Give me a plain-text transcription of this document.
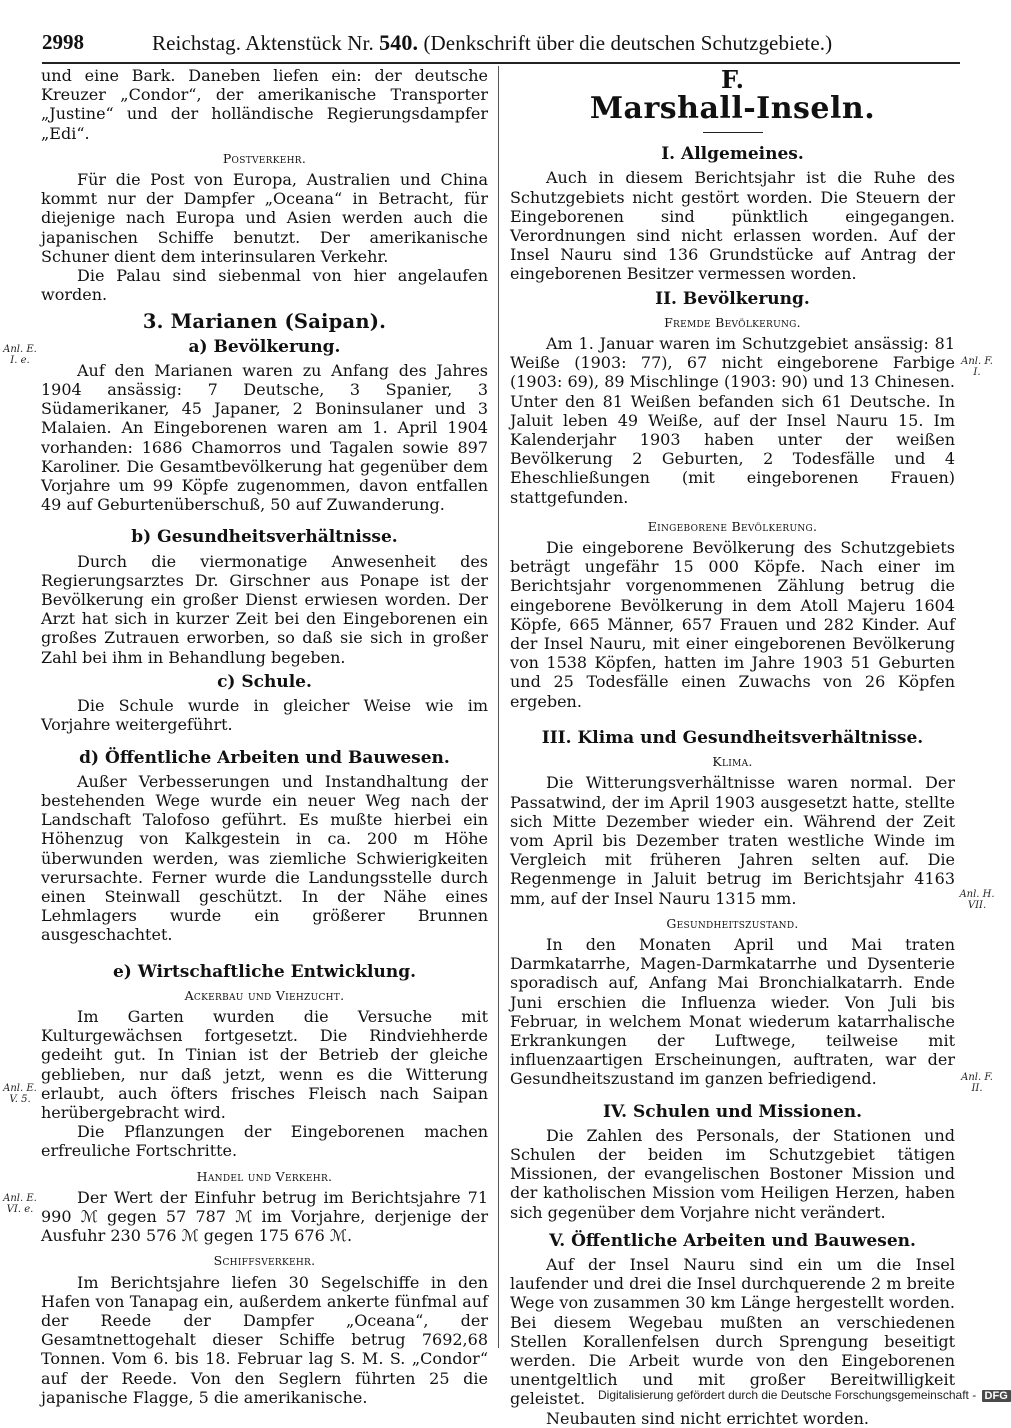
2998	Reichstag. Aktenstück Nr. 540. (Denkschrift über die deutschen Schutzgebiete.)

und eine Bark. Daneben liefen ein: der deutsche Kreuzer „Condor“, der amerikanische Transporter „Justine“ und der holländische Regierungsdampfer „Edi“.

Postverkehr.

Für die Post von Europa, Australien und China kommt nur der Dampfer „Oceana“ in Betracht, für diejenige nach Europa und Asien werden auch die japanischen Schiffe benutzt. Der amerikanische Schuner dient dem interinsularen Verkehr.

Die Palau sind siebenmal von hier angelaufen worden.

3. Marianen (Saipan).
a) Bevölkerung.

Auf den Marianen waren zu Anfang des Jahres 1904 ansässig: 7 Deutsche, 3 Spanier, 3 Südamerikaner, 45 Japaner, 2 Boninsulaner und 3 Malaien. An Eingeborenen waren am 1. April 1904 vorhanden: 1686 Chamorros und Tagalen sowie 897 Karoliner. Die Gesamtbevölkerung hat gegenüber dem Vorjahre um 99 Köpfe zugenommen, davon entfallen 49 auf Geburtenüberschuß, 50 auf Zuwanderung.

b) Gesundheitsverhältnisse.

Durch die viermonatige Anwesenheit des Regierungsarztes Dr. Girschner aus Ponape ist der Bevölkerung ein großer Dienst erwiesen worden. Der Arzt hat sich in kurzer Zeit bei den Eingeborenen ein großes Zutrauen erworben, so daß sie sich in großer Zahl bei ihm in Behandlung begeben.

c) Schule.

Die Schule wurde in gleicher Weise wie im Vorjahre weitergeführt.

d) Öffentliche Arbeiten und Bauwesen.

Außer Verbesserungen und Instandhaltung der bestehenden Wege wurde ein neuer Weg nach der Landschaft Talofoso geführt. Es mußte hierbei ein Höhenzug von Kalkgestein in ca. 200 m Höhe überwunden werden, was ziemliche Schwierigkeiten verursachte. Ferner wurde die Landungsstelle durch einen Steinwall geschützt. In der Nähe eines Lehmlagers wurde ein größerer Brunnen ausgeschachtet.

e) Wirtschaftliche Entwicklung.
Ackerbau und Viehzucht.

Im Garten wurden die Versuche mit Kulturgewächsen fortgesetzt. Die Rindviehherde gedeiht gut. In Tinian ist der Betrieb der gleiche geblieben, nur daß jetzt, wenn es die Witterung erlaubt, auch öfters frisches Fleisch nach Saipan herübergebracht wird.

Die Pflanzungen der Eingeborenen machen erfreuliche Fortschritte.

Handel und Verkehr.

Der Wert der Einfuhr betrug im Berichtsjahre 71 990 ℳ gegen 57 787 ℳ im Vorjahre, derjenige der Ausfuhr 230 576 ℳ gegen 175 676 ℳ.

Schiffsverkehr.

Im Berichtsjahre liefen 30 Segelschiffe in den Hafen von Tanapag ein, außerdem ankerte fünfmal auf der Reede der Dampfer „Oceana“, der Gesamtnettogehalt dieser Schiffe betrug 7692,68 Tonnen. Vom 6. bis 18. Februar lag S. M. S. „Condor“ auf der Reede. Von den Seglern führten 25 die japanische Flagge, 5 die amerikanische.

F.
Marshall-Inseln.
I. Allgemeines.

Auch in diesem Berichtsjahr ist die Ruhe des Schutzgebiets nicht gestört worden. Die Steuern der Eingeborenen sind pünktlich eingegangen. Verordnungen sind nicht erlassen worden. Auf der Insel Nauru sind 136 Grundstücke auf Antrag der eingeborenen Besitzer vermessen worden.

II. Bevölkerung.
Fremde Bevölkerung.

Am 1. Januar waren im Schutzgebiet ansässig: 81 Weiße (1903: 77), 67 nicht eingeborene Farbige (1903: 69), 89 Mischlinge (1903: 90) und 13 Chinesen. Unter den 81 Weißen befanden sich 61 Deutsche. In Jaluit leben 49 Weiße, auf der Insel Nauru 15. Im Kalenderjahr 1903 haben unter der weißen Bevölkerung 2 Geburten, 2 Todesfälle und 4 Eheschließungen (mit eingeborenen Frauen) stattgefunden.

Eingeborene Bevölkerung.

Die eingeborene Bevölkerung des Schutzgebiets beträgt ungefähr 15 000 Köpfe. Nach einer im Berichtsjahr vorgenommenen Zählung betrug die eingeborene Bevölkerung in dem Atoll Majeru 1604 Köpfe, 665 Männer, 657 Frauen und 282 Kinder. Auf der Insel Nauru, mit einer eingeborenen Bevölkerung von 1538 Köpfen, hatten im Jahre 1903 51 Geburten und 25 Todesfälle einen Zuwachs von 26 Köpfen ergeben.

III. Klima und Gesundheitsverhältnisse.
Klima.

Die Witterungsverhältnisse waren normal. Der Passatwind, der im April 1903 ausgesetzt hatte, stellte sich Mitte Dezember wieder ein. Während der Zeit vom April bis Dezember traten westliche Winde im Vergleich mit früheren Jahren selten auf. Die Regenmenge in Jaluit betrug im Berichtsjahr 4163 mm, auf der Insel Nauru 1315 mm.

Gesundheitszustand.

In den Monaten April und Mai traten Darmkatarrhe, Magen-Darmkatarrhe und Dysenterie sporadisch auf, Anfang Mai Bronchialkatarrh. Ende Juni erschien die Influenza wieder. Von Juli bis Februar, in welchem Monat wiederum katarrhalische Erkrankungen der Luftwege, teilweise mit influenzaartigen Erscheinungen, auftraten, war der Gesundheitszustand im ganzen befriedigend.

IV. Schulen und Missionen.

Die Zahlen des Personals, der Stationen und Schulen der beiden im Schutzgebiet tätigen Missionen, der evangelischen Bostoner Mission und der katholischen Mission vom Heiligen Herzen, haben sich gegenüber dem Vorjahre nicht verändert.

V. Öffentliche Arbeiten und Bauwesen.

Auf der Insel Nauru sind ein um die Insel laufender und drei die Insel durchquerende 2 m breite Wege von zusammen 30 km Länge hergestellt worden. Bei diesem Wegebau mußten an verschiedenen Stellen Korallenfelsen durch Sprengung beseitigt werden. Die Arbeit wurde von den Eingeborenen unentgeltlich und mit großer Bereitwilligkeit geleistet.

Neubauten sind nicht errichtet worden.

Anl. E. I. e.
Anl. E. V. 5.
Anl. E. VI. e.
Anl. F. I.
Anl. H. VII.
Anl. F. II.
Digitalisierung gefördert durch die Deutsche Forschungsgemeinschaft - DFG
